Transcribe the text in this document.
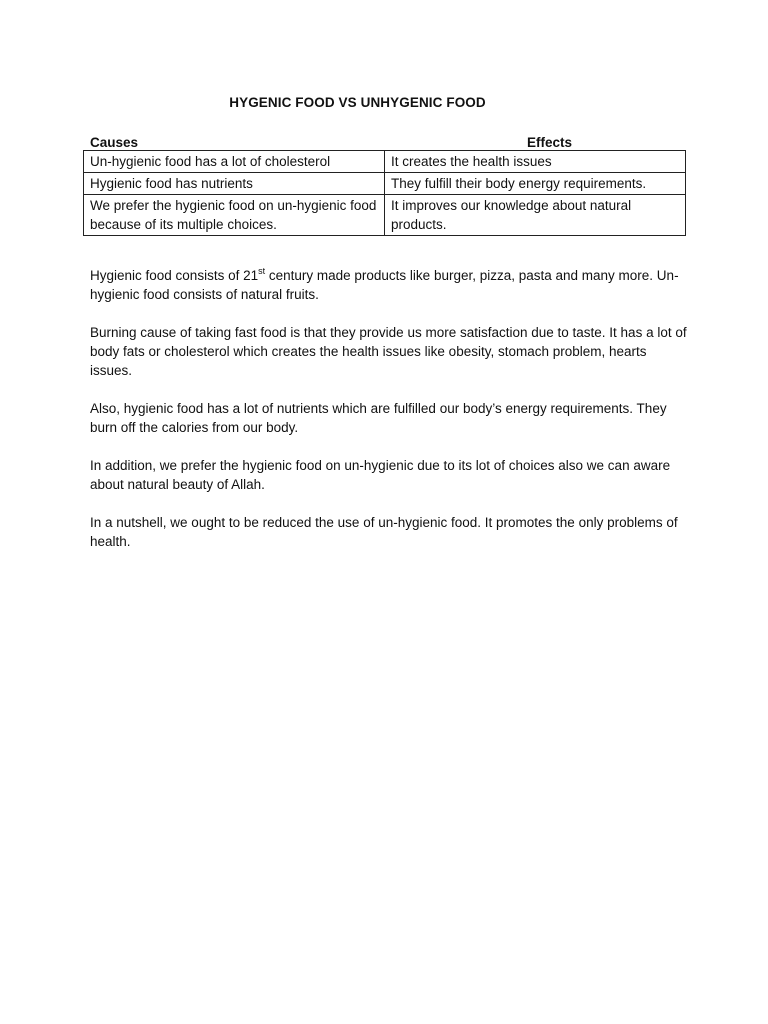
HYGENIC FOOD VS UNHYGENIC FOOD
Causes	Effects
Un-hygienic food has a lot of cholesterol	It creates the health issues
Hygienic food has nutrients	They fulfill their body energy requirements.
We prefer the hygienic food on un-hygienic food because of its multiple choices.	It improves our knowledge about natural products.
Hygienic food consists of 21st century made products like burger, pizza, pasta and many more. Un-hygienic food consists of natural fruits.
Burning cause of taking fast food is that they provide us more satisfaction due to taste. It has a lot of body fats or cholesterol which creates the health issues like obesity, stomach problem, hearts issues.
Also, hygienic food has a lot of nutrients which are fulfilled our body’s energy requirements. They burn off the calories from our body.
In addition, we prefer the hygienic food on un-hygienic due to its lot of choices also we can aware about natural beauty of Allah.
In a nutshell, we ought to be reduced the use of un-hygienic food. It promotes the only problems of health.
